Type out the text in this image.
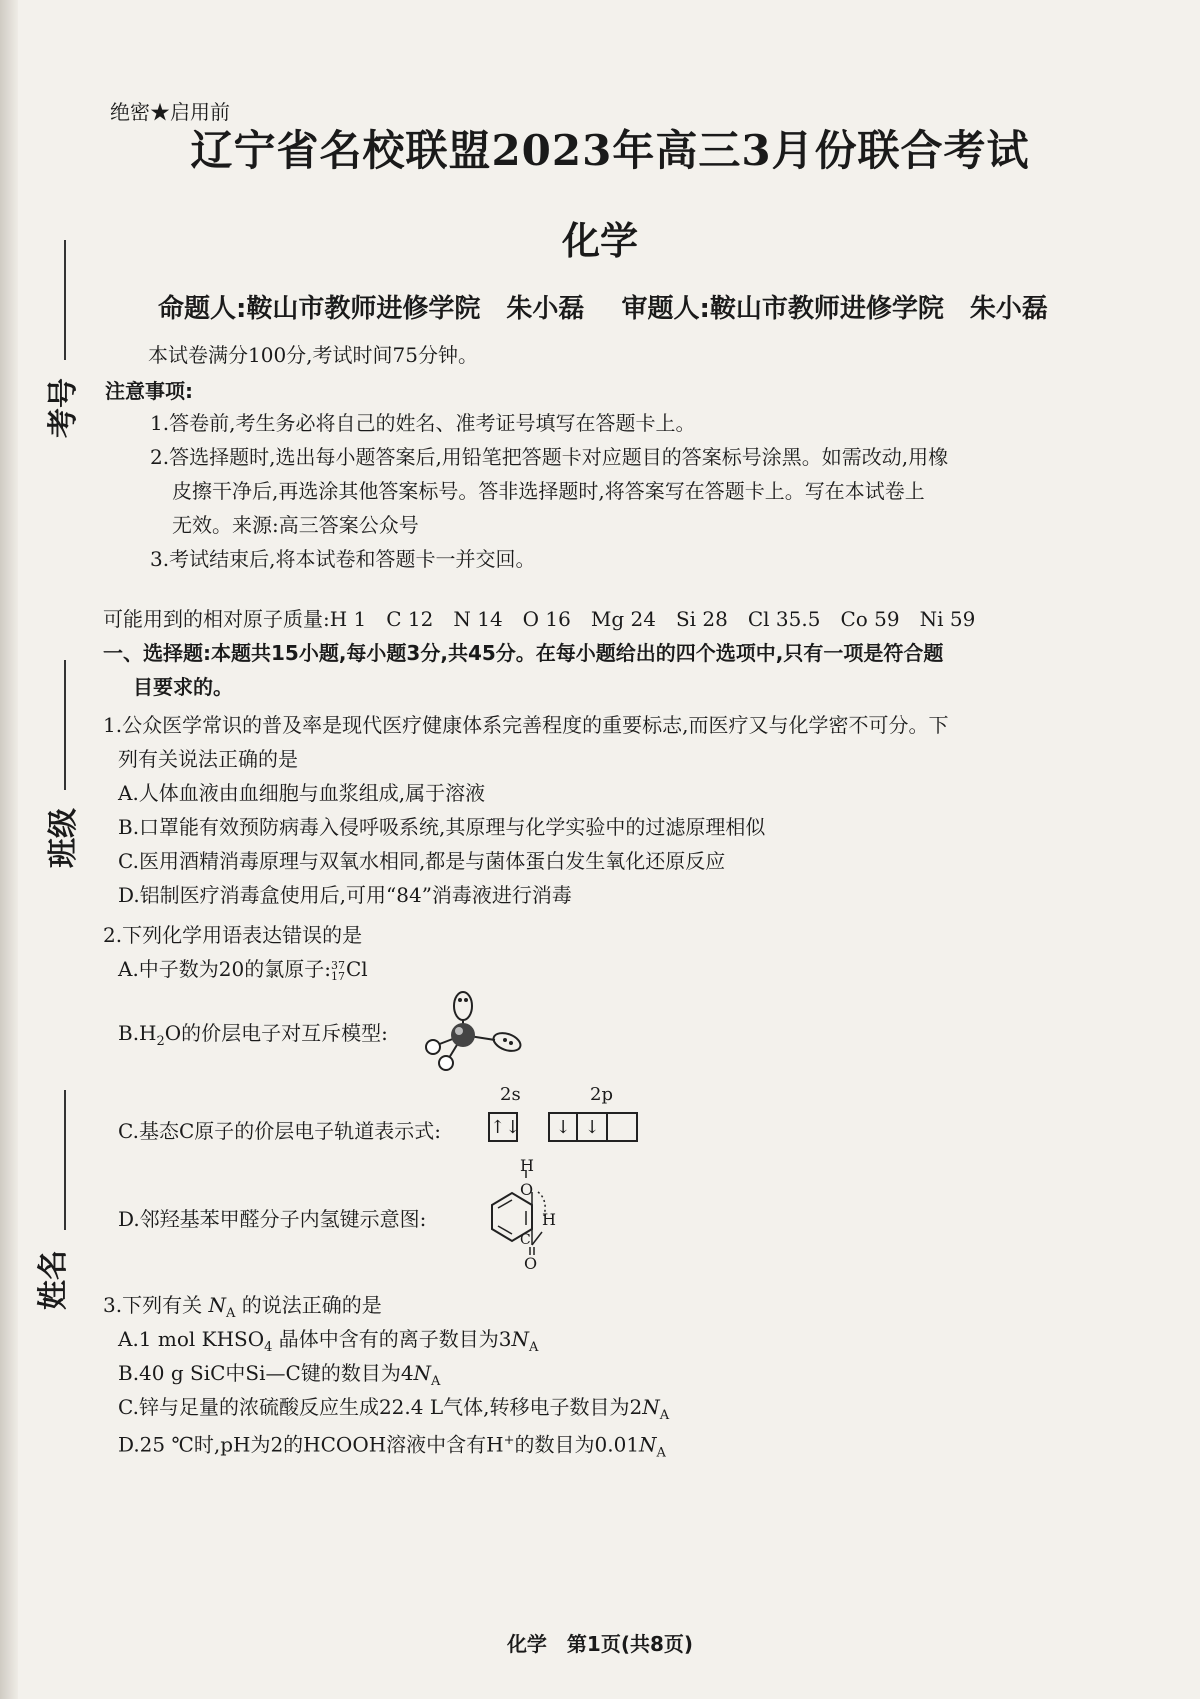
绝密★启用前
辽宁省名校联盟2023年高三3月份联合考试
化学
命题人:鞍山市教师进修学院　朱小磊 审题人:鞍山市教师进修学院　朱小磊
考号
班级
姓名
本试卷满分100分,考试时间75分钟。
注意事项:
1.答卷前,考生务必将自己的姓名、准考证号填写在答题卡上。
2.答选择题时,选出每小题答案后,用铅笔把答题卡对应题目的答案标号涂黑。如需改动,用橡
皮擦干净后,再选涂其他答案标号。答非选择题时,将答案写在答题卡上。写在本试卷上
无效。来源:高三答案公众号
3.考试结束后,将本试卷和答题卡一并交回。
可能用到的相对原子质量:H 1　C 12　N 14　O 16　Mg 24　Si 28　Cl 35.5　Co 59　Ni 59
一、选择题:本题共15小题,每小题3分,共45分。在每小题给出的四个选项中,只有一项是符合题
目要求的。
1.公众医学常识的普及率是现代医疗健康体系完善程度的重要标志,而医疗又与化学密不可分。下
列有关说法正确的是
A.人体血液由血细胞与血浆组成,属于溶液
B.口罩能有效预防病毒入侵呼吸系统,其原理与化学实验中的过滤原理相似
C.医用酒精消毒原理与双氧水相同,都是与菌体蛋白发生氧化还原反应
D.铝制医疗消毒盒使用后,可用“84”消毒液进行消毒
2.下列化学用语表达错误的是
A.中子数为20的氯原子:37
17Cl
$B.H_2O$的价层电子对互斥模型:
C.基态C原子的价层电子轨道表示式:
2s	2p
↑↓	↓ ↓
D.邻羟基苯甲醛分子内氢键示意图:
H
O
H
C
O
3.下列有关 $N_A$ 的说法正确的是
A.1 mol $KHSO_4$ 晶体中含有的离子数目为$3N_A$
B.40 g SiC中Si—C键的数目为$4N_A$
C.锌与足量的浓硫酸反应生成22.4 L气体,转移电子数目为$2N_A$
D.25 ℃时,pH为2的HCOOH溶液中含有H+的数目为$0.01N_A$
化学　第1页(共8页)
